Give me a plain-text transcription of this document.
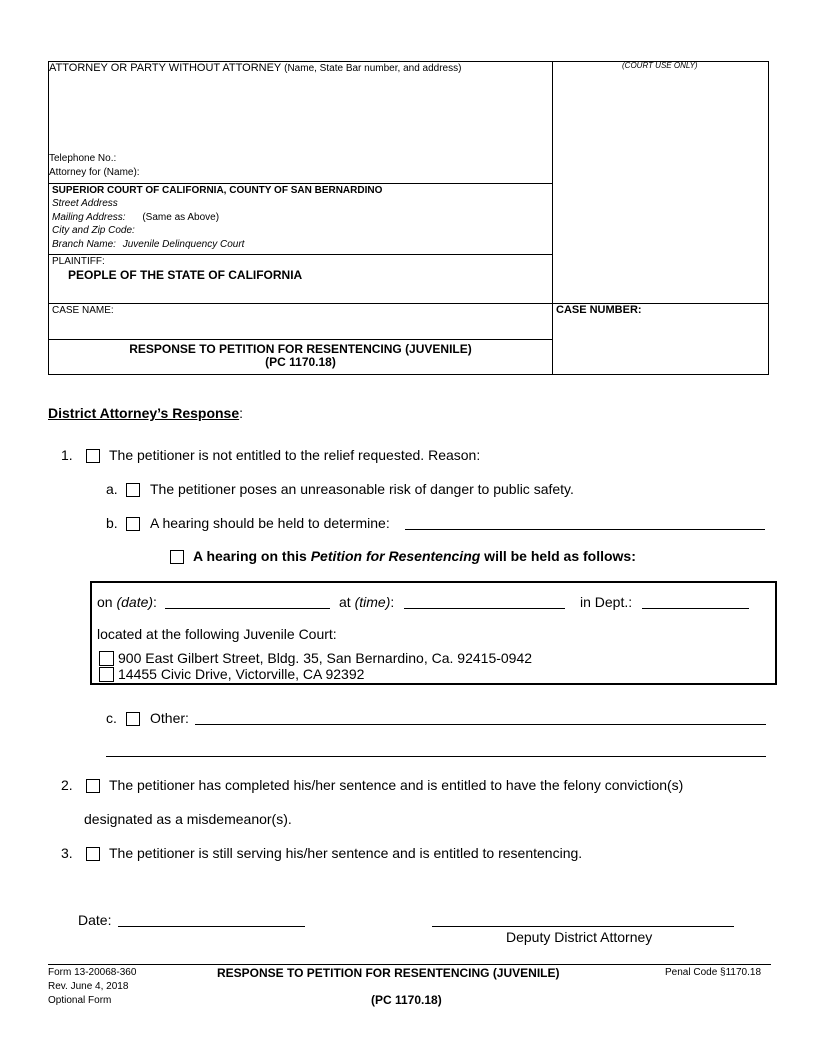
ATTORNEY OR PARTY WITHOUT ATTORNEY (Name, State Bar number, and address)	(COURT USE ONLY)
Telephone No.:
Attorney for (Name):
SUPERIOR COURT OF CALIFORNIA, COUNTY OF SAN BERNARDINO
Street Address
Mailing Address: (Same as Above)
City and Zip Code:
Branch Name: Juvenile Delinquency Court
PLAINTIFF:
PEOPLE OF THE STATE OF CALIFORNIA
CASE NAME:	CASE NUMBER:
RESPONSE TO PETITION FOR RESENTENCING (JUVENILE)
(PC 1170.18)
District Attorney’s Response:
1.	The petitioner is not entitled to the relief requested. Reason:
a. The petitioner poses an unreasonable risk of danger to public safety.
b. A hearing should be held to determine:
A hearing on this Petition for Resentencing will be held as follows:
on (date):	at (time):	in Dept.:
located at the following Juvenile Court:
900 East Gilbert Street, Bldg. 35, San Bernardino, Ca. 92415-0942
14455 Civic Drive, Victorville, CA 92392
c. Other:
2.	The petitioner has completed his/her sentence and is entitled to have the felony conviction(s)
designated as a misdemeanor(s).
3.	The petitioner is still serving his/her sentence and is entitled to resentencing.
Date:
Deputy District Attorney
Form 13-20068-360
Rev. June 4, 2018
Optional Form
RESPONSE TO PETITION FOR RESENTENCING (JUVENILE)
(PC 1170.18)
Penal Code §1170.18
